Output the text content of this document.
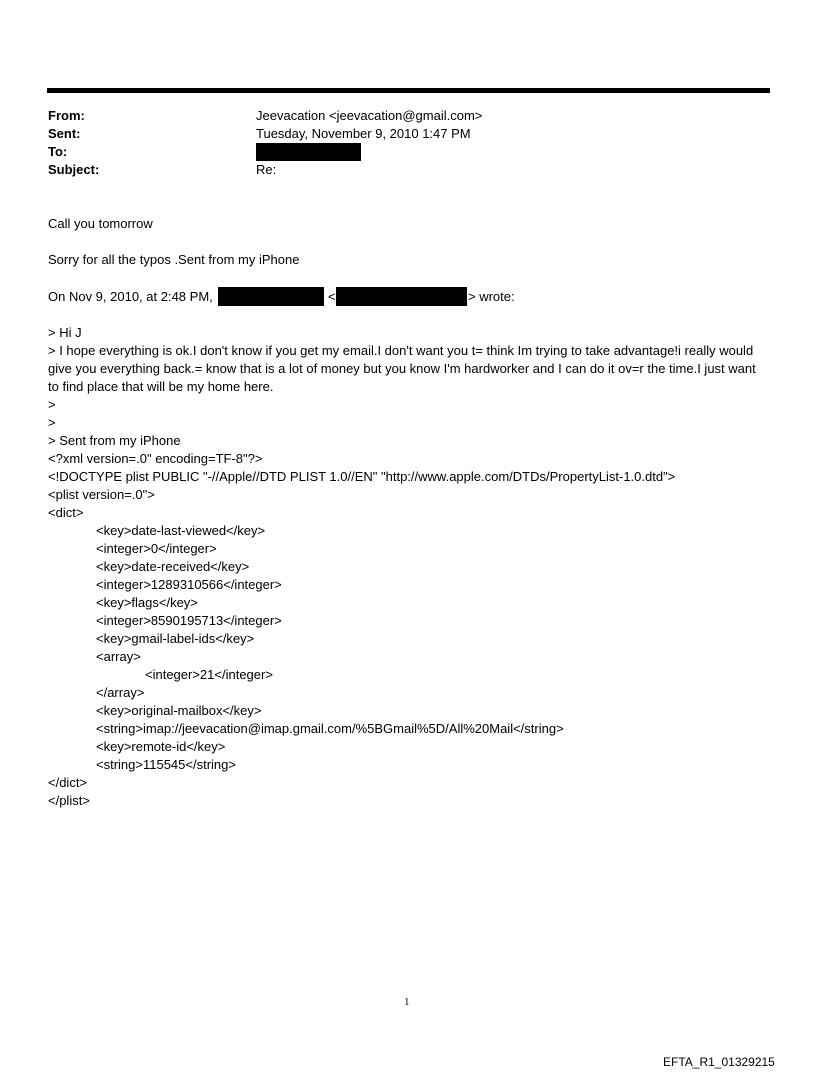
From:	Jeevacation <jeevacation@gmail.com>
Sent:	Tuesday, November 9, 2010 1:47 PM
To:
Subject:	Re:
Call you tomorrow
Sorry for all the typos .Sent from my iPhone
On Nov 9, 2010, at 2:48 PM,	<	> wrote:
> Hi J
> I hope everything is ok.I don't know if you get my email.I don't want you t= think Im trying to take advantage!i really would give you everything back.= know that is a lot of money but you know I'm hardworker and I can do it ov=r the time.I just want to find place that will be my home here.
>
>
> Sent from my iPhone
<?xml version=.0" encoding=TF-8"?>
<!DOCTYPE plist PUBLIC "-//Apple//DTD PLIST 1.0//EN" "http://www.apple.com/DTDs/PropertyList-1.0.dtd">
<plist version=.0">
<dict>
<key>date-last-viewed</key>
<integer>0</integer>
<key>date-received</key>
<integer>1289310566</integer>
<key>flags</key>
<integer>8590195713</integer>
<key>gmail-label-ids</key>
<array>
<integer>21</integer>
</array>
<key>original-mailbox</key>
<string>imap://jeevacation@imap.gmail.com/%5BGmail%5D/All%20Mail</string>
<key>remote-id</key>
<string>115545</string>
</dict>
</plist>
1
EFTA_R1_01329215
